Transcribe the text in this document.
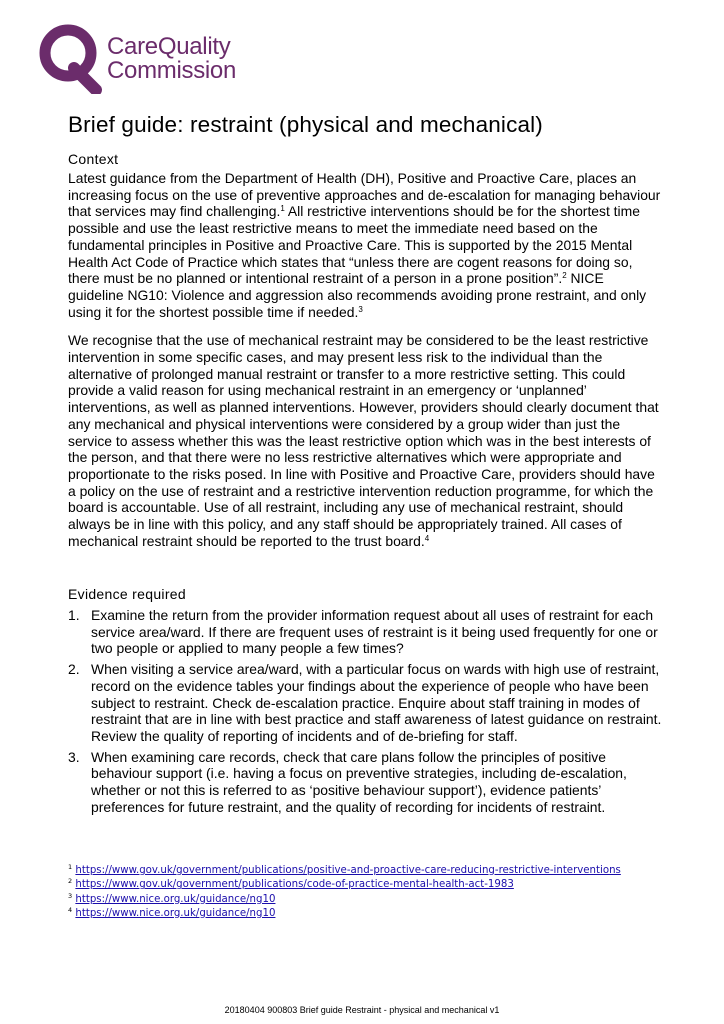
CareQuality
Commission
Brief guide: restraint (physical and mechanical)
Context

Latest guidance from the Department of Health (DH), Positive and Proactive Care, places an increasing focus on the use of preventive approaches and de-escalation for managing behaviour that services may find challenging.$^1$ All restrictive interventions should be for the shortest time possible and use the least restrictive means to meet the immediate need based on the fundamental principles in Positive and Proactive Care. This is supported by the 2015 Mental Health Act Code of Practice which states that “unless there are cogent reasons for doing so, there must be no planned or intentional restraint of a person in a prone position”.$^2$ NICE guideline NG10: Violence and aggression also recommends avoiding prone restraint, and only using it for the shortest possible time if needed.$^3$

We recognise that the use of mechanical restraint may be considered to be the least restrictive intervention in some specific cases, and may present less risk to the individual than the alternative of prolonged manual restraint or transfer to a more restrictive setting. This could provide a valid reason for using mechanical restraint in an emergency or ‘unplanned’ interventions, as well as planned interventions. However, providers should clearly document that any mechanical and physical interventions were considered by a group wider than just the service to assess whether this was the least restrictive option which was in the best interests of the person, and that there were no less restrictive alternatives which were appropriate and proportionate to the risks posed. In line with Positive and Proactive Care, providers should have a policy on the use of restraint and a restrictive intervention reduction programme, for which the board is accountable. Use of all restraint, including any use of mechanical restraint, should always be in line with this policy, and any staff should be appropriately trained. All cases of mechanical restraint should be reported to the trust board.$^4$

Evidence required
1. Examine the return from the provider information request about all uses of restraint for each service area/ward. If there are frequent uses of restraint is it being used frequently for one or two people or applied to many people a few times?
2. When visiting a service area/ward, with a particular focus on wards with high use of restraint, record on the evidence tables your findings about the experience of people who have been subject to restraint. Check de-escalation practice. Enquire about staff training in modes of restraint that are in line with best practice and staff awareness of latest guidance on restraint. Review the quality of reporting of incidents and of de-briefing for staff.
3. When examining care records, check that care plans follow the principles of positive behaviour support (i.e. having a focus on preventive strategies, including de-escalation, whether or not this is referred to as ‘positive behaviour support’), evidence patients’ preferences for future restraint, and the quality of recording for incidents of restraint.
$^1$ https://www.gov.uk/government/publications/positive-and-proactive-care-reducing-restrictive-interventions
$^2$ https://www.gov.uk/government/publications/code-of-practice-mental-health-act-1983
$^3$ https://www.nice.org.uk/guidance/ng10
$^4$ https://www.nice.org.uk/guidance/ng10
20180404 900803 Brief guide Restraint - physical and mechanical v1
